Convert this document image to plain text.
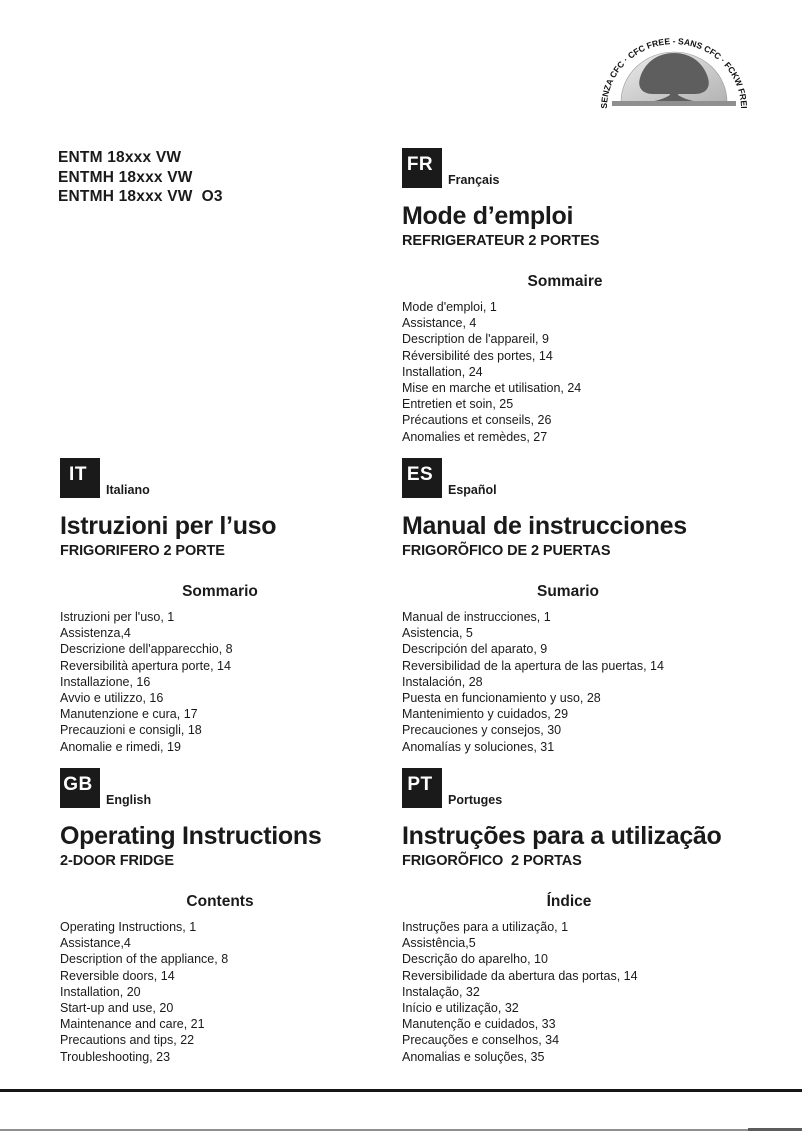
SENZA CFC · CFC FREE - SANS CFC · FCKW FREI
ENTM 18xxx VW
ENTMH 18xxx VW
ENTMH 18xxx VW  O3
FR
Français
Mode d’emploi
REFRIGERATEUR 2 PORTES
Sommaire
Mode d'emploi, 1
Assistance, 4
Description de l'appareil, 9
Réversibilité des portes, 14
Installation, 24
Mise en marche et utilisation, 24
Entretien et soin, 25
Précautions et conseils, 26
Anomalies et remèdes, 27
IT
Italiano
Istruzioni per l’uso
FRIGORIFERO 2 PORTE
Sommario
Istruzioni per l'uso, 1
Assistenza,4
Descrizione dell'apparecchio, 8
Reversibilità apertura porte, 14
Installazione, 16
Avvio e utilizzo, 16
Manutenzione e cura, 17
Precauzioni e consigli, 18
Anomalie e rimedi, 19
ES
Español
Manual de instrucciones
FRIGORÕFICO DE 2 PUERTAS
Sumario
Manual de instrucciones, 1
Asistencia, 5
Descripción del aparato, 9
Reversibilidad de la apertura de las puertas, 14
Instalación, 28
Puesta en funcionamiento y uso, 28
Mantenimiento y cuidados, 29
Precauciones y consejos, 30
Anomalías y soluciones, 31
GB
English
Operating Instructions
2-DOOR FRIDGE
Contents
Operating Instructions, 1
Assistance,4
Description of the appliance, 8
Reversible doors, 14
Installation, 20
Start-up and use, 20
Maintenance and care, 21
Precautions and tips, 22
Troubleshooting, 23
PT
Portuges
Instruções para a utilização
FRIGORÕFICO  2 PORTAS
Índice
Instruções para a utilização, 1
Assistência,5
Descrição do aparelho, 10
Reversibilidade da abertura das portas, 14
Instalação, 32
Início e utilização, 32
Manutenção e cuidados, 33
Precauções e conselhos, 34
Anomalias e soluções, 35
